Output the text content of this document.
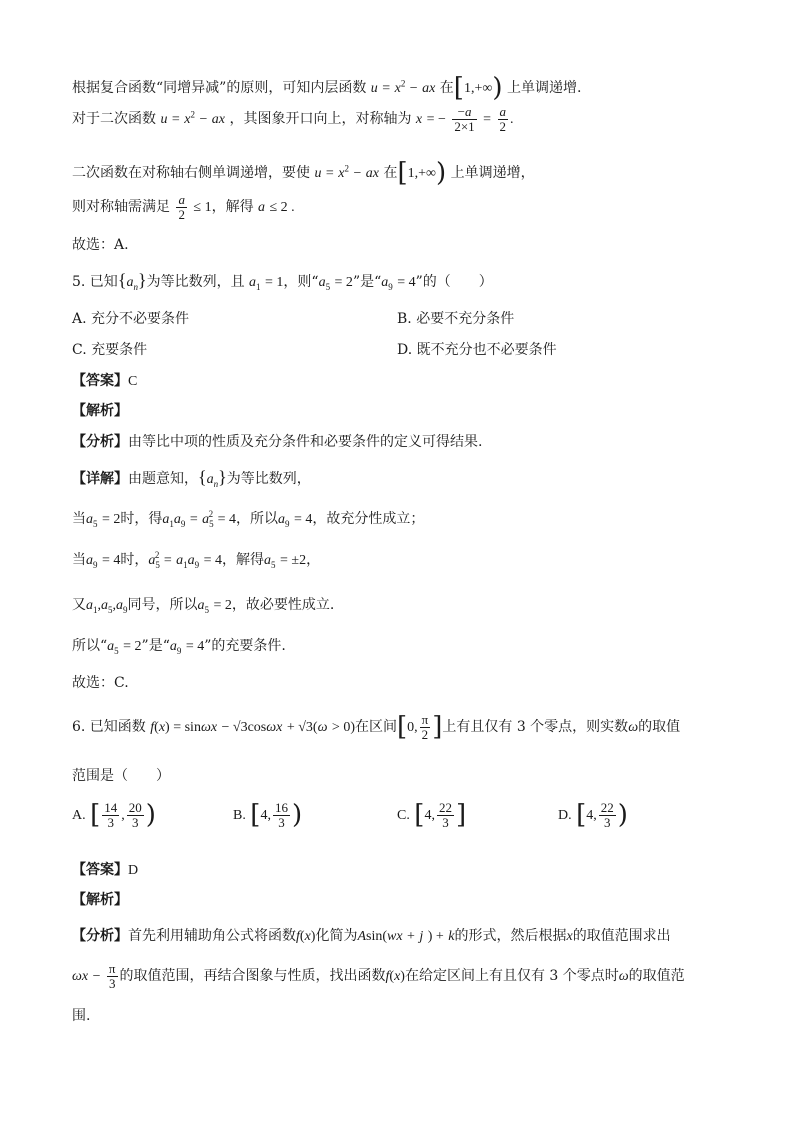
根据复合函数“同增异减”的原则，可知内层函数 $u = x^2$ − ax 在[1,+∞) 上单调递增.
对于二次函数 $u = x^2$ − ax ，其图象开口向上，对称轴为 x = − $\frac{-a}{2\times 1} = \frac{a}{2}$ .
二次函数在对称轴右侧单调递增，要使 $u = x^2$ − ax 在[1,+∞) 上单调递增，
则对称轴需满足 $\frac{a}{2} \le 1$，解得 a ≤ 2 .
故选：A.
5. 已知$\{a_n\}$为等比数列，且 $a_1 = 1$，则“$a_5 = 2$”是“$a_9 = 4$”的（　　）
A. 充分不必要条件	B. 必要不充分条件
C. 充要条件	D. 既不充分也不必要条件
【答案】C
【解析】
【分析】由等比中项的性质及充分条件和必要条件的定义可得结果.
【详解】由题意知，$\{a_n\}$为等比数列，
当$a_5 = 2$时，得$a_1a_9 = a_5^2 = 4$，所以$a_9 = 4$，故充分性成立；
当$a_9 = 4$时，$a_5^2 = a_1a_9 = 4$，解得$a_5 = \pm 2$，
又$a_1,a_5,a_9$同号，所以$a_5 = 2$，故必要性成立.
所以“$a_5 = 2$”是“$a_9 = 4$”的充要条件.
故选：C.
6. 已知函数 f(x) = sinωx − √3cosωx + √3(ω > 0)在区间[0, $\frac{\pi}{2}$ ]上有且仅有 3 个零点，则实数ω的取值
范围是（　　）
A. [ $\frac{14}{3}$ , $\frac{20}{3}$ )	B. [4, $\frac{16}{3}$ )	C. [4, $\frac{22}{3}$ ]	D. [4, $\frac{22}{3}$ )
【答案】D
【解析】
【分析】首先利用辅助角公式将函数f(x)化简为Asin(wx + j ) + k的形式，然后根据x的取值范围求出
$\omega x - \frac{\pi}{3}$ 的取值范围，再结合图象与性质，找出函数f(x)在给定区间上有且仅有 3 个零点时ω的取值范
围.
